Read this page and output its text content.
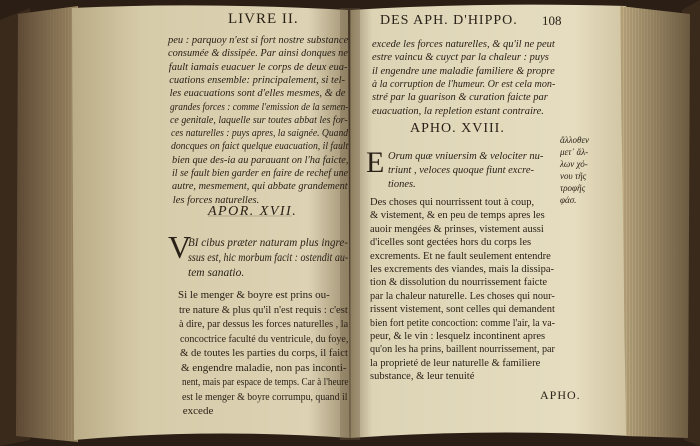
LIVRE II.
peu : parquoy n'est si fort nostre substance
consumée & dissipée. Par ainsi donques ne
fault iamais euacuer le corps de deux eua-
cuations ensemble: principalement, si tel-
les euacuations sont d'elles mesmes, & de
grandes forces : comme l'emission de la semen-
ce genitale, laquelle sur toutes abbat les for-
ces naturelles : puys apres, la saignée. Quand
doncques on faict quelque euacuation, il fault
bien que des-ia au parauant on l'ha faicte,
il se fault bien garder en faire de rechef une
autre, mesmement, qui abbate grandement
les forces naturelles.
APOR. XVII.
V
BI cibus præter naturam plus ingre-
ssus est, hic morbum facit : ostendit au-
tem sanatio.
Si le menger & boyre est prins ou-
tre nature & plus qu'il n'est requis : c'est
à dire, par dessus les forces naturelles , la
concoctrice faculté du ventricule, du foye,
& de toutes les parties du corps, il faict
& engendre maladie, non pas inconti-
nent, mais par espace de temps. Car à l'heure
est le menger & boyre corrumpu, quand il
excede
DES APH. D'HIPPO. 108
excede les forces naturelles, & qu'il ne peut
estre vaincu & cuyct par la chaleur : puys
il engendre une maladie familiere & propre
à la corruption de l'humeur. Or est cela mon-
stré par la guarison & curation faicte par
euacuation, la repletion estant contraire.
APHO. XVIII.
E Orum quæ vniuersim & velociter nu-
triunt , veloces quoque fiunt excre-
tiones.
ἄλλοθεν
μετ᾽ ἄλ-
λων χό-
νου τῆς
τροφῆς
φάσ.
Des choses qui nourrissent tout à coup,
& vistement, & en peu de temps apres les
auoir mengées & prinses, vistement aussi
d'icelles sont gectées hors du corps les
excrements. Et ne fault seulement entendre
les excrements des viandes, mais la dissipa-
tion & dissolution du nourrissement faicte
par la chaleur naturelle. Les choses qui nour-
rissent vistement, sont celles qui demandent
bien fort petite concoction: comme l'air, la va-
peur, & le vin : lesquelz incontinent apres
qu'on les ha prins, baillent nourrissement, par
la proprieté de leur naturelle & familiere
substance, & leur tenuité
APHO.
